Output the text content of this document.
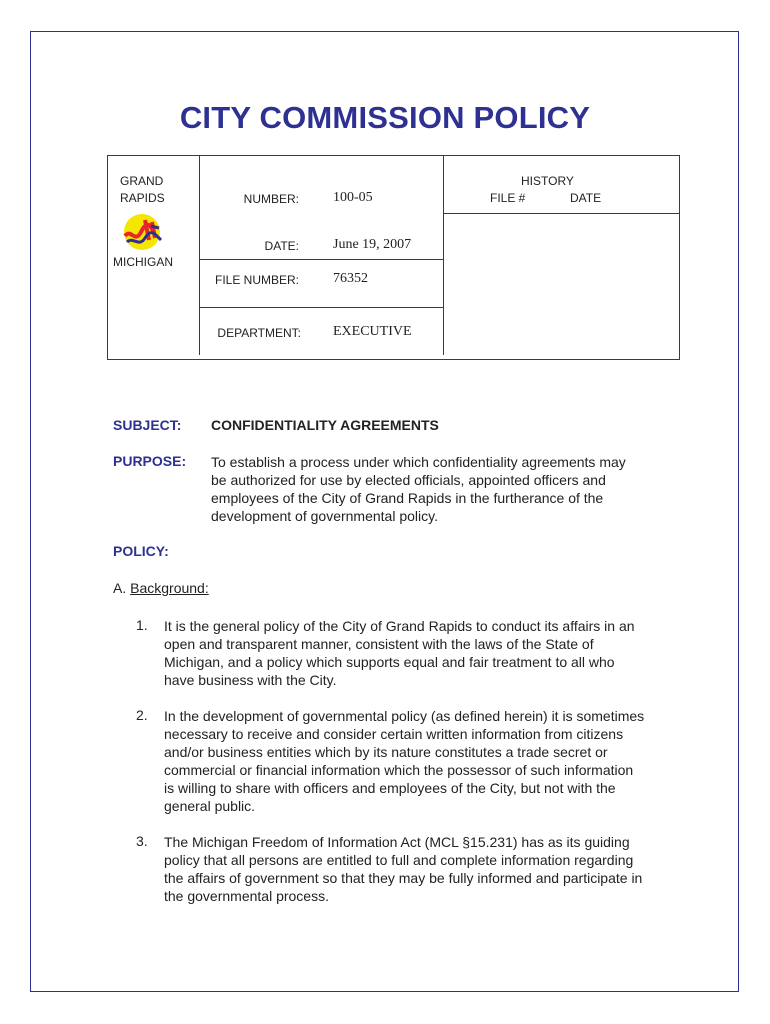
CITY COMMISSION POLICY
GRAND
RAPIDS
MICHIGAN
NUMBER: 100-05
DATE: June 19, 2007
FILE NUMBER: 76352
DEPARTMENT: EXECUTIVE
HISTORY
FILE #	DATE
SUBJECT: CONFIDENTIALITY AGREEMENTS
PURPOSE: To establish a process under which confidentiality agreements may
be authorized for use by elected officials, appointed officers and
employees of the City of Grand Rapids in the furtherance of the
development of governmental policy.
POLICY:
A. Background:
1. It is the general policy of the City of Grand Rapids to conduct its affairs in an
open and transparent manner, consistent with the laws of the State of
Michigan, and a policy which supports equal and fair treatment to all who
have business with the City.
2. In the development of governmental policy (as defined herein) it is sometimes
necessary to receive and consider certain written information from citizens
and/or business entities which by its nature constitutes a trade secret or
commercial or financial information which the possessor of such information
is willing to share with officers and employees of the City, but not with the
general public.
3. The Michigan Freedom of Information Act (MCL §15.231) has as its guiding
policy that all persons are entitled to full and complete information regarding
the affairs of government so that they may be fully informed and participate in
the governmental process.
